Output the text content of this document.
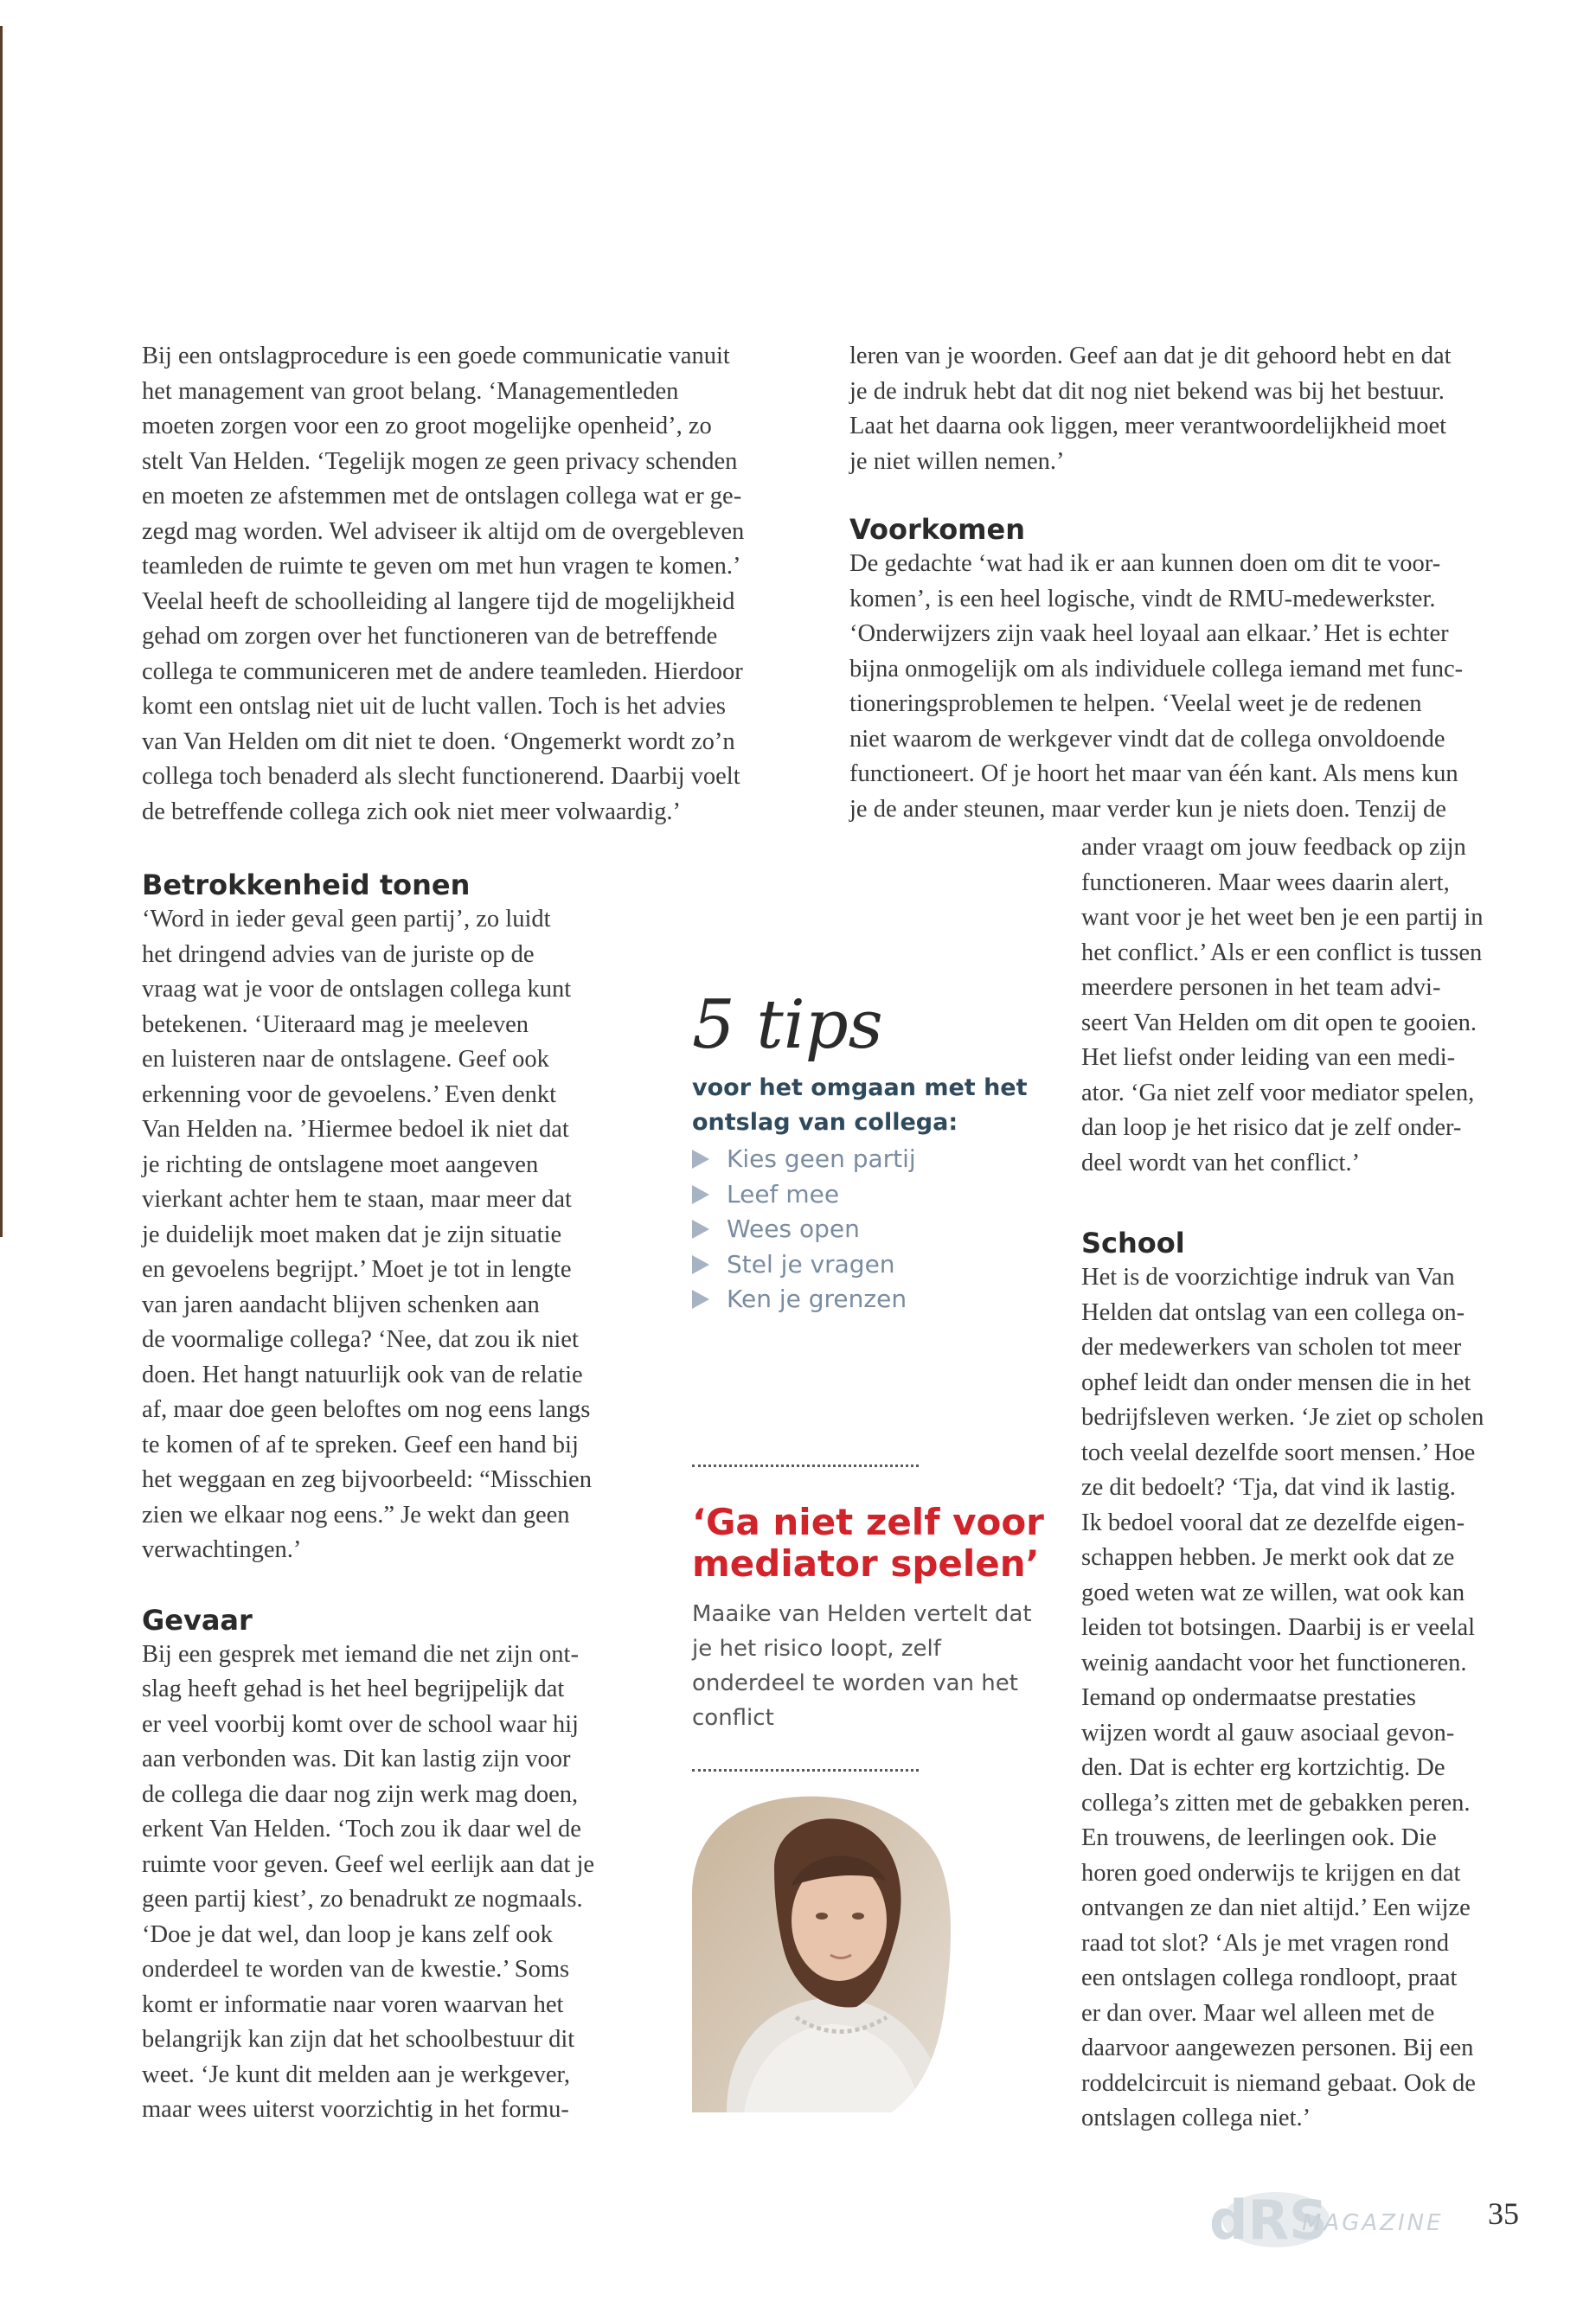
Bij een ontslagprocedure is een goede communicatie vanuit
het management van groot belang. ‘Managementleden
moeten zorgen voor een zo groot mogelijke openheid’, zo
stelt Van Helden. ‘Tegelijk mogen ze geen privacy schenden
en moeten ze afstemmen met de ontslagen collega wat er ge-
zegd mag worden. Wel adviseer ik altijd om de overgebleven
teamleden de ruimte te geven om met hun vragen te komen.’
Veelal heeft de schoolleiding al langere tijd de mogelijkheid
gehad om zorgen over het functioneren van de betreffende
collega te communiceren met de andere teamleden. Hierdoor
komt een ontslag niet uit de lucht vallen. Toch is het advies
van Van Helden om dit niet te doen. ‘Ongemerkt wordt zo’n
collega toch benaderd als slecht functionerend. Daarbij voelt
de betreffende collega zich ook niet meer volwaardig.’

Betrokkenheid tonen

‘Word in ieder geval geen partij’, zo luidt
het dringend advies van de juriste op de
vraag wat je voor de ontslagen collega kunt
betekenen. ‘Uiteraard mag je meeleven
en luisteren naar de ontslagene. Geef ook
erkenning voor de gevoelens.’ Even denkt
Van Helden na. ’Hiermee bedoel ik niet dat
je richting de ontslagene moet aangeven
vierkant achter hem te staan, maar meer dat
je duidelijk moet maken dat je zijn situatie
en gevoelens begrijpt.’ Moet je tot in lengte
van jaren aandacht blijven schenken aan
de voormalige collega? ‘Nee, dat zou ik niet
doen. Het hangt natuurlijk ook van de relatie
af, maar doe geen beloftes om nog eens langs
te komen of af te spreken. Geef een hand bij
het weggaan en zeg bijvoorbeeld: “Misschien
zien we elkaar nog eens.” Je wekt dan geen
verwachtingen.’

Gevaar

Bij een gesprek met iemand die net zijn ont-
slag heeft gehad is het heel begrijpelijk dat
er veel voorbij komt over de school waar hij
aan verbonden was. Dit kan lastig zijn voor
de collega die daar nog zijn werk mag doen,
erkent Van Helden. ‘Toch zou ik daar wel de
ruimte voor geven. Geef wel eerlijk aan dat je
geen partij kiest’, zo benadrukt ze nogmaals.
‘Doe je dat wel, dan loop je kans zelf ook
onderdeel te worden van de kwestie.’ Soms
komt er informatie naar voren waarvan het
belangrijk kan zijn dat het schoolbestuur dit
weet. ‘Je kunt dit melden aan je werkgever,
maar wees uiterst voorzichtig in het formu-

leren van je woorden. Geef aan dat je dit gehoord hebt en dat
je de indruk hebt dat dit nog niet bekend was bij het bestuur.
Laat het daarna ook liggen, meer verantwoordelijkheid moet
je niet willen nemen.’

Voorkomen

De gedachte ‘wat had ik er aan kunnen doen om dit te voor-
komen’, is een heel logische, vindt de RMU-medewerkster.
‘Onderwijzers zijn vaak heel loyaal aan elkaar.’ Het is echter
bijna onmogelijk om als individuele collega iemand met func-
tioneringsproblemen te helpen. ‘Veelal weet je de redenen
niet waarom de werkgever vindt dat de collega onvoldoende
functioneert. Of je hoort het maar van één kant. Als mens kun
je de ander steunen, maar verder kun je niets doen. Tenzij de

ander vraagt om jouw feedback op zijn
functioneren. Maar wees daarin alert,
want voor je het weet ben je een partij in
het conflict.’ Als er een conflict is tussen
meerdere personen in het team advi-
seert Van Helden om dit open te gooien.
Het liefst onder leiding van een medi-
ator. ‘Ga niet zelf voor mediator spelen,
dan loop je het risico dat je zelf onder-
deel wordt van het conflict.’

School

Het is de voorzichtige indruk van Van
Helden dat ontslag van een collega on-
der medewerkers van scholen tot meer
ophef leidt dan onder mensen die in het
bedrijfsleven werken. ‘Je ziet op scholen
toch veelal dezelfde soort mensen.’ Hoe
ze dit bedoelt? ‘Tja, dat vind ik lastig.
Ik bedoel vooral dat ze dezelfde eigen-
schappen hebben. Je merkt ook dat ze
goed weten wat ze willen, wat ook kan
leiden tot botsingen. Daarbij is er veelal
weinig aandacht voor het functioneren.
Iemand op ondermaatse prestaties
wijzen wordt al gauw asociaal gevon-
den. Dat is echter erg kortzichtig. De
collega’s zitten met de gebakken peren.
En trouwens, de leerlingen ook. Die
horen goed onderwijs te krijgen en dat
ontvangen ze dan niet altijd.’ Een wijze
raad tot slot? ‘Als je met vragen rond
een ontslagen collega rondloopt, praat
er dan over. Maar wel alleen met de
daarvoor aangewezen personen. Bij een
roddelcircuit is niemand gebaat. Ook de
ontslagen collega niet.’

5 tips
voor het omgaan met het
ontslag van collega:
Kies geen partij
Leef mee
Wees open
Stel je vragen
Ken je grenzen
‘Ga niet zelf voor
mediator spelen’
Maaike van Helden vertelt dat je het risico loopt, zelf onderdeel te worden van het conflict
dRS
MAGAZINE 35
